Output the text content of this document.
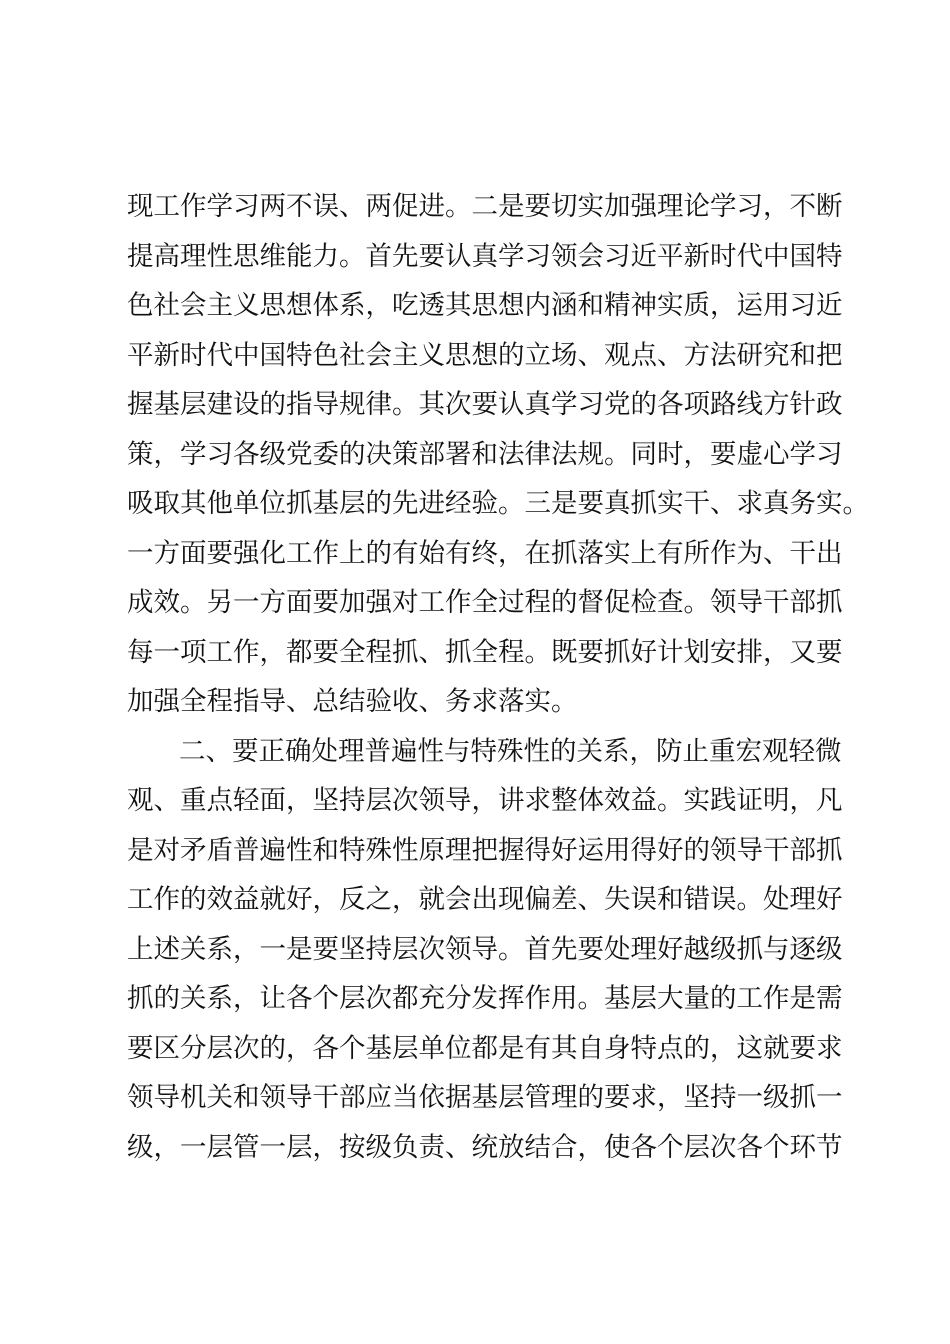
现工作学习两不误、两促进。二是要切实加强理论学习，不断
提高理性思维能力。首先要认真学习领会习近平新时代中国特
色社会主义思想体系，吃透其思想内涵和精神实质，运用习近
平新时代中国特色社会主义思想的立场、观点、方法研究和把
握基层建设的指导规律。其次要认真学习党的各项路线方针政
策，学习各级党委的决策部署和法律法规。同时，要虚心学习
吸取其他单位抓基层的先进经验。三是要真抓实干、求真务实。
一方面要强化工作上的有始有终，在抓落实上有所作为、干出
成效。另一方面要加强对工作全过程的督促检查。领导干部抓
每一项工作，都要全程抓、抓全程。既要抓好计划安排，又要
加强全程指导、总结验收、务求落实。
二、要正确处理普遍性与特殊性的关系，防止重宏观轻微
观、重点轻面，坚持层次领导，讲求整体效益。实践证明，凡
是对矛盾普遍性和特殊性原理把握得好运用得好的领导干部抓
工作的效益就好，反之，就会出现偏差、失误和错误。处理好
上述关系，一是要坚持层次领导。首先要处理好越级抓与逐级
抓的关系，让各个层次都充分发挥作用。基层大量的工作是需
要区分层次的，各个基层单位都是有其自身特点的，这就要求
领导机关和领导干部应当依据基层管理的要求，坚持一级抓一
级，一层管一层，按级负责、统放结合，使各个层次各个环节
